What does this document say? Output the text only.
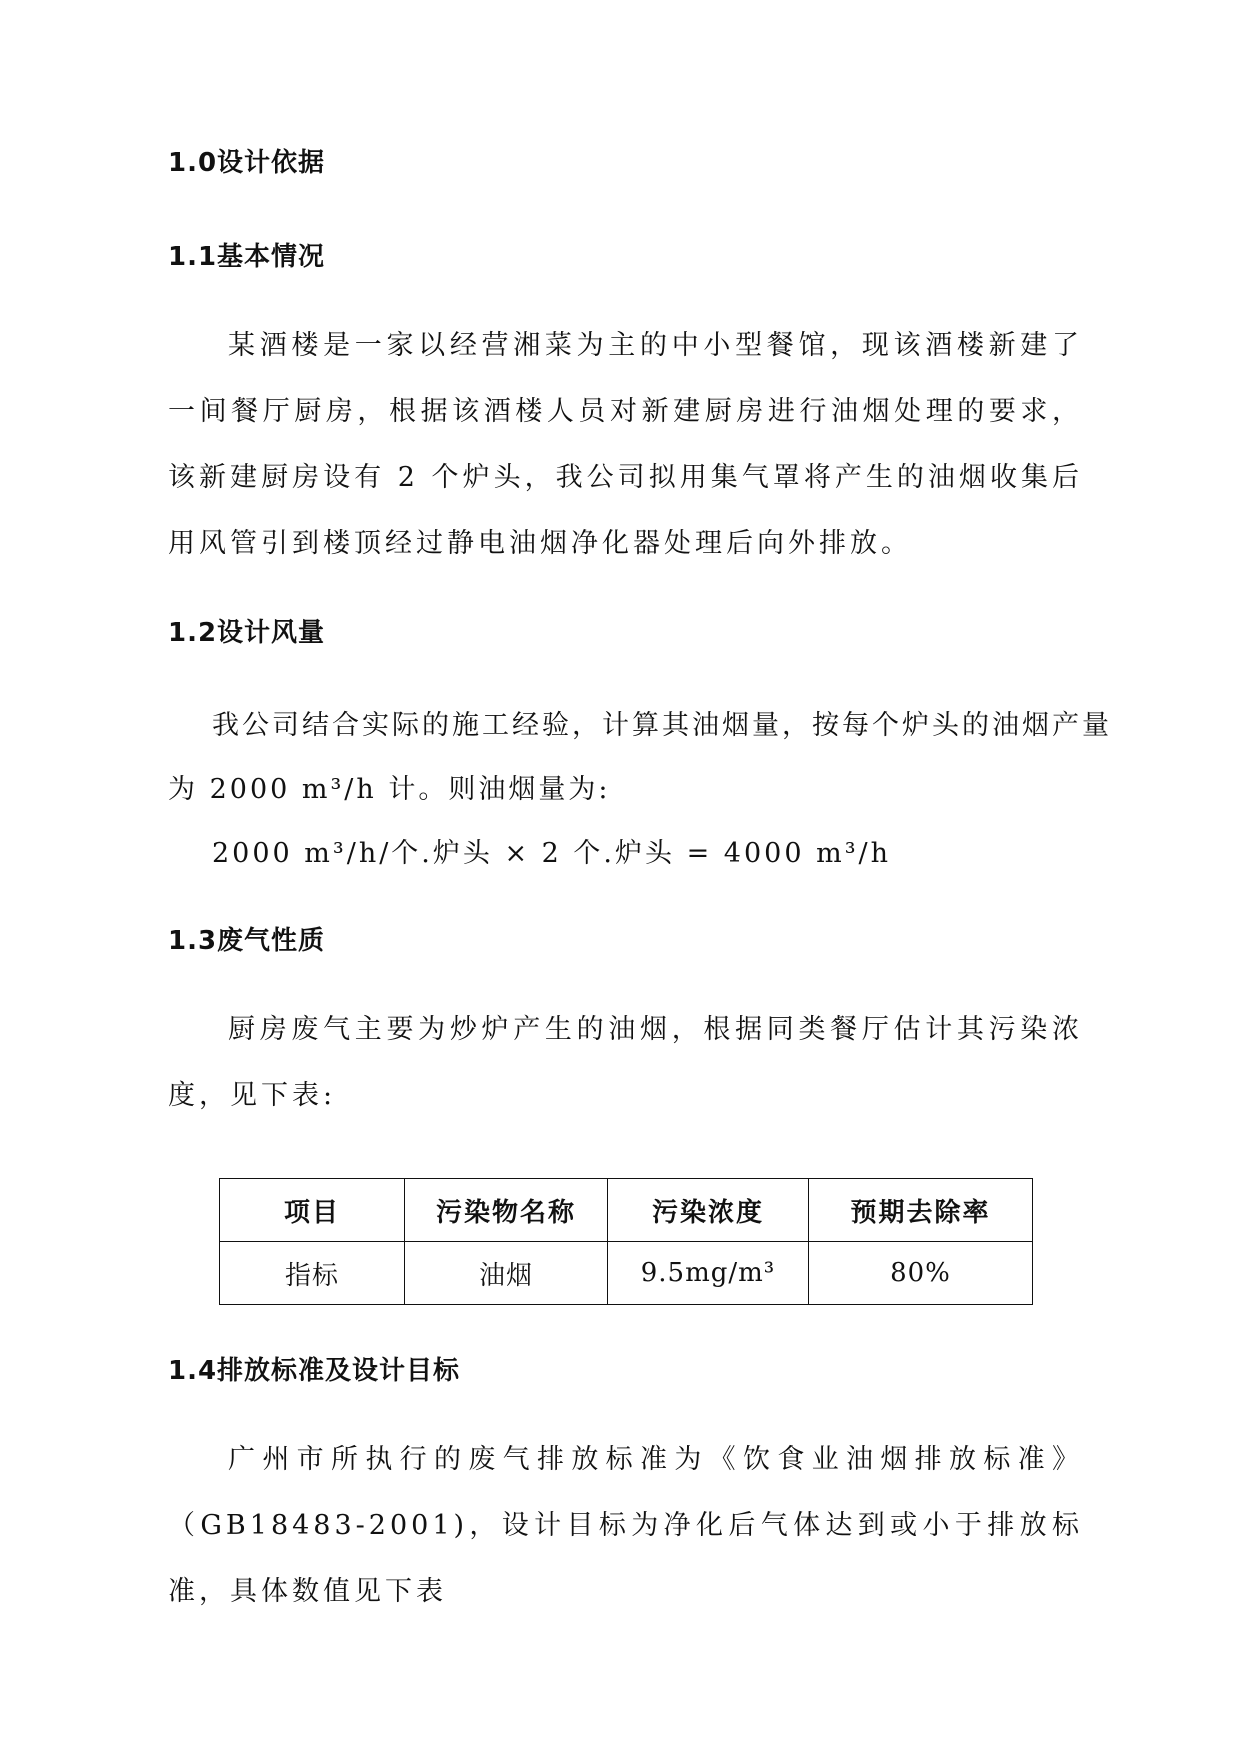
1.0设计依据
1.1基本情况
某酒楼是一家以经营湘菜为主的中小型餐馆，现该酒楼新建了一间餐厅厨房，根据该酒楼人员对新建厨房进行油烟处理的要求，该新建厨房设有 2 个炉头，我公司拟用集气罩将产生的油烟收集后用风管引到楼顶经过静电油烟净化器处理后向外排放。
1.2设计风量
我公司结合实际的施工经验，计算其油烟量，按每个炉头的油烟产量
为 2000 m³/h 计。则油烟量为:
2000 m³/h/个.炉头 × 2 个.炉头 = 4000 m³/h
1.3废气性质
厨房废气主要为炒炉产生的油烟，根据同类餐厅估计其污染浓度，见下表:
项目	污染物名称	污染浓度	预期去除率
指标	油烟	9.5mg/m³	80%
1.4排放标准及设计目标
广州市所执行的废气排放标准为《饮食业油烟排放标准》（GB18483-2001)，设计目标为净化后气体达到或小于排放标准，具体数值见下表
